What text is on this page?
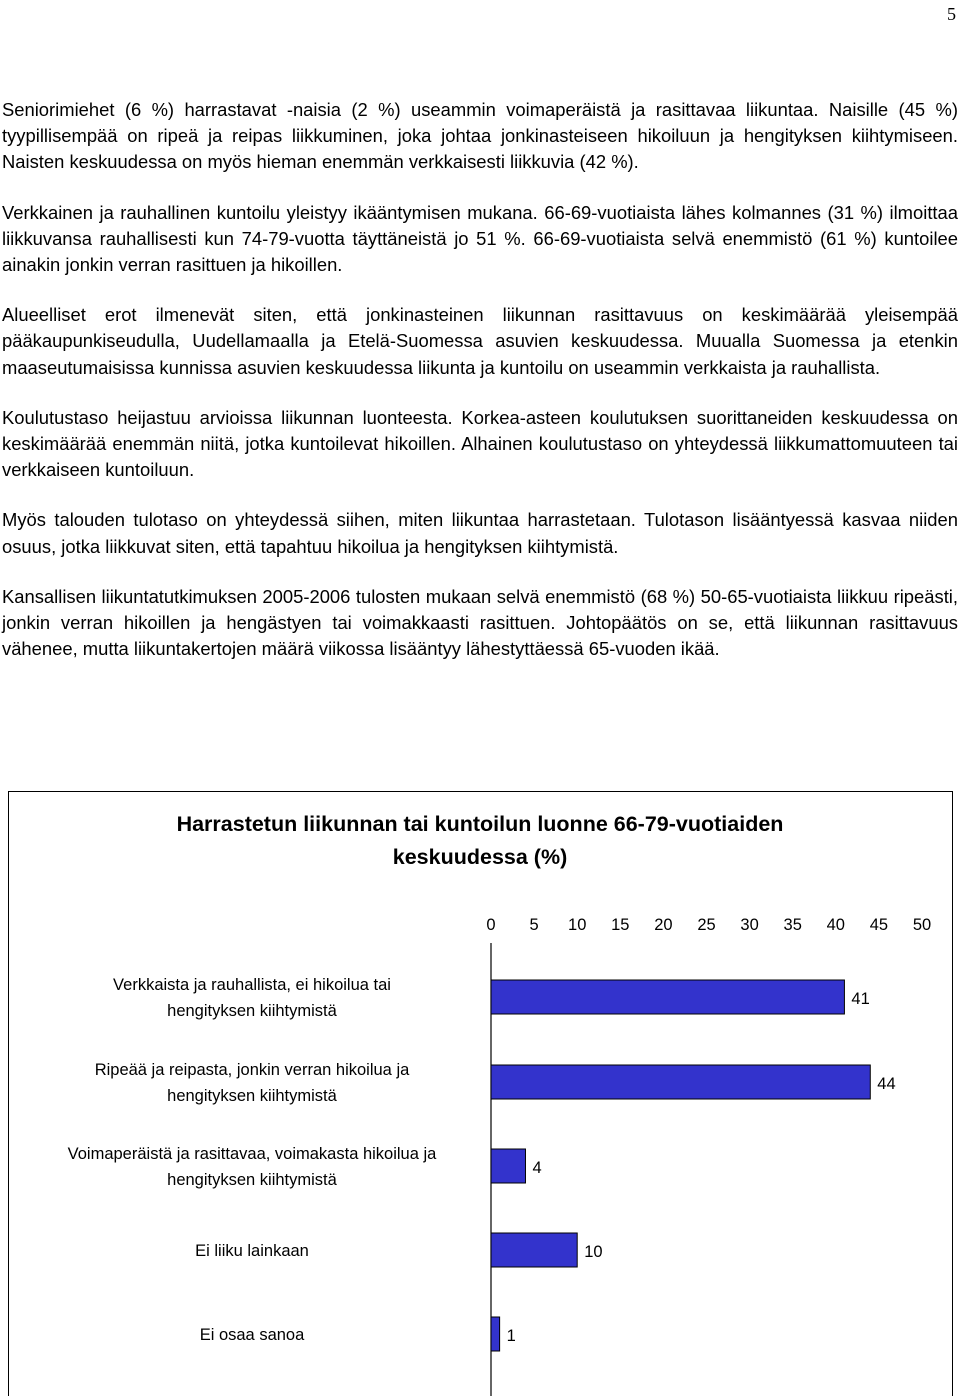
5

Seniorimiehet (6 %) harrastavat -naisia (2 %) useammin voimaperäistä ja rasittavaa liikuntaa. Naisille (45 %) tyypillisempää on ripeä ja reipas liikkuminen, joka johtaa jonkinasteiseen hikoiluun ja hengityksen kiihtymiseen. Naisten keskuudessa on myös hieman enemmän verkkaisesti liikkuvia (42 %).

Verkkainen ja rauhallinen kuntoilu yleistyy ikääntymisen mukana. 66-69-vuotiaista lähes kolmannes (31 %) ilmoittaa liikkuvansa rauhallisesti kun 74-79-vuotta täyttäneistä jo 51 %. 66-69-vuotiaista selvä enemmistö (61 %) kuntoilee ainakin jonkin verran rasittuen ja hikoillen.

Alueelliset erot ilmenevät siten, että jonkinasteinen liikunnan rasittavuus on keskimäärää yleisempää pääkaupunkiseudulla, Uudellamaalla ja Etelä-Suomessa asuvien keskuudessa. Muualla Suomessa ja etenkin maaseutumaisissa kunnissa asuvien keskuudessa liikunta ja kuntoilu on useammin verkkaista ja rauhallista.

Koulutustaso heijastuu arvioissa liikunnan luonteesta. Korkea-asteen koulutuksen suorittaneiden keskuudessa on keskimäärää enemmän niitä, jotka kuntoilevat hikoillen. Alhainen koulutustaso on yhteydessä liikkumattomuuteen tai verkkaiseen kuntoiluun.

Myös talouden tulotaso on yhteydessä siihen, miten liikuntaa harrastetaan. Tulotason lisääntyessä kasvaa niiden osuus, jotka liikkuvat siten, että tapahtuu hikoilua ja hengityksen kiihtymistä.

Kansallisen liikuntatutkimuksen 2005-2006 tulosten mukaan selvä enemmistö (68 %) 50-65-vuotiaista liikkuu ripeästi, jonkin verran hikoillen ja hengästyen tai voimakkaasti rasittuen. Johtopäätös on se, että liikunnan rasittavuus vähenee, mutta liikuntakertojen määrä viikossa lisääntyy lähestyttäessä 65-vuoden ikää.

Harrastetun liikunnan tai kuntoilun luonne 66-79-vuotiaiden
keskuudessa (%)
0 5 10 15 20 25 30 35 40 45 50
41
Verkkaista ja rauhallista, ei hikoilua tai
hengityksen kiihtymistä
44
Ripeää ja reipasta, jonkin verran hikoilua ja
hengityksen kiihtymistä
4
Voimaperäistä ja rasittavaa, voimakasta hikoilua ja
hengityksen kiihtymistä
10
Ei liiku lainkaan
1
Ei osaa sanoa
